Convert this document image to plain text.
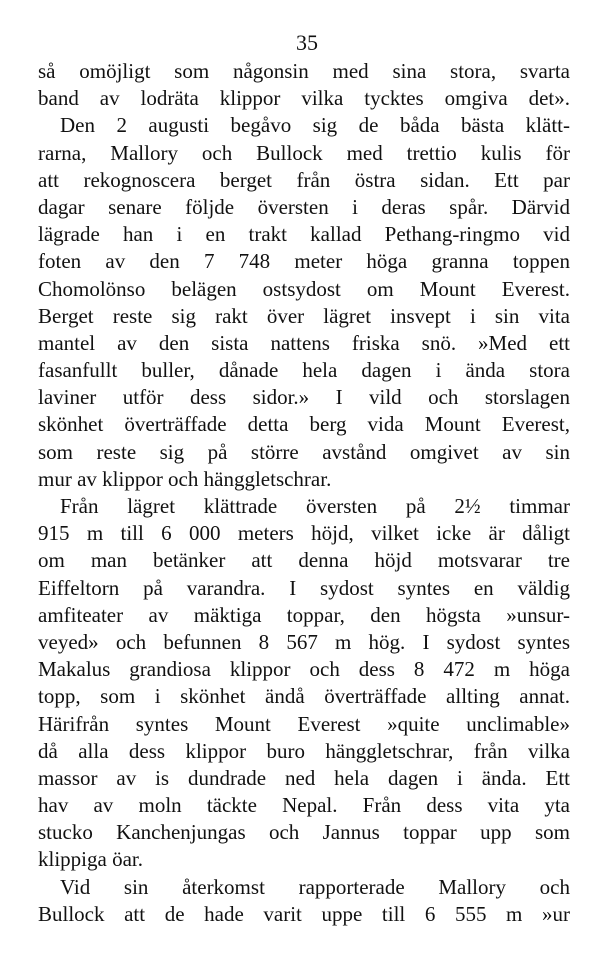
35
så omöjligt som någonsin med sina stora, svarta
band av lodräta klippor vilka tycktes omgiva det».
Den 2 augusti begåvo sig de båda bästa klätt-
rarna, Mallory och Bullock med trettio kulis för
att rekognoscera berget från östra sidan. Ett par
dagar senare följde översten i deras spår. Därvid
lägrade han i en trakt kallad Pethang-ringmo vid
foten av den 7 748 meter höga granna toppen
Chomolönso belägen ostsydost om Mount Everest.
Berget reste sig rakt över lägret insvept i sin vita
mantel av den sista nattens friska snö. »Med ett
fasanfullt buller, dånade hela dagen i ända stora
laviner utför dess sidor.» I vild och storslagen
skönhet överträffade detta berg vida Mount Everest,
som reste sig på större avstånd omgivet av sin
mur av klippor och hänggletschrar.
Från lägret klättrade översten på 2½ timmar
915 m till 6 000 meters höjd, vilket icke är dåligt
om man betänker att denna höjd motsvarar tre
Eiffeltorn på varandra. I sydost syntes en väldig
amfiteater av mäktiga toppar, den högsta »unsur-
veyed» och befunnen 8 567 m hög. I sydost syntes
Makalus grandiosa klippor och dess 8 472 m höga
topp, som i skönhet ändå överträffade allting annat.
Härifrån syntes Mount Everest »quite unclimable»
då alla dess klippor buro hänggletschrar, från vilka
massor av is dundrade ned hela dagen i ända. Ett
hav av moln täckte Nepal. Från dess vita yta
stucko Kanchenjungas och Jannus toppar upp som
klippiga öar.
Vid sin återkomst rapporterade Mallory och
Bullock att de hade varit uppe till 6 555 m »ur
